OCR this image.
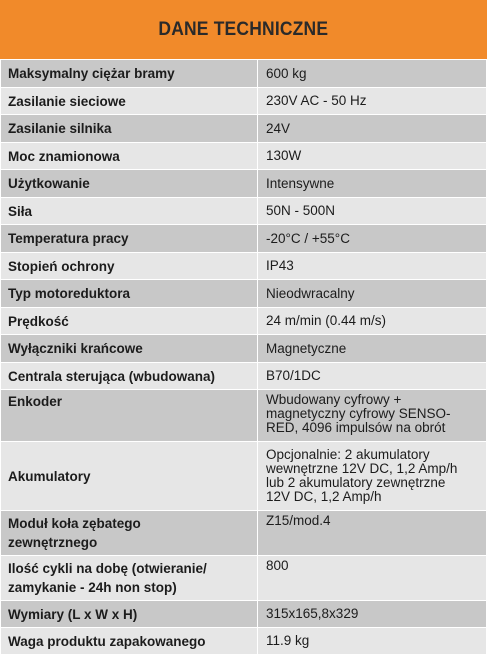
DANE TECHNICZNE
Maksymalny ciężar bramy	600 kg

Zasilanie sieciowe	230V AC - 50 Hz

Zasilanie silnika	24V

Moc znamionowa	130W

Użytkowanie	Intensywne

Siła	50N - 500N

Temperatura pracy	-20°C / +55°C

Stopień ochrony	IP43

Typ motoreduktora	Nieodwracalny

Prędkość	24 m/min (0.44 m/s)

Wyłączniki krańcowe	Magnetyczne

Centrala sterująca (wbudowana)	B70/1DC

Enkoder	Wbudowany cyfrowy +
magnetyczny cyfrowy SENSO-
RED, 4096 impulsów na obrót

Akumulatory	Opcjonalnie: 2 akumulatory
wewnętrzne 12V DC, 1,2 Amp/h
lub 2 akumulatory zewnętrzne
12V DC, 1,2 Amp/h

Moduł koła zębatego
zewnętrznego	Z15/mod.4

Ilość cykli na dobę (otwieranie/
zamykanie - 24h non stop)	800

Wymiary (L x W x H)	315x165,8x329

Waga produktu zapakowanego	11.9 kg
